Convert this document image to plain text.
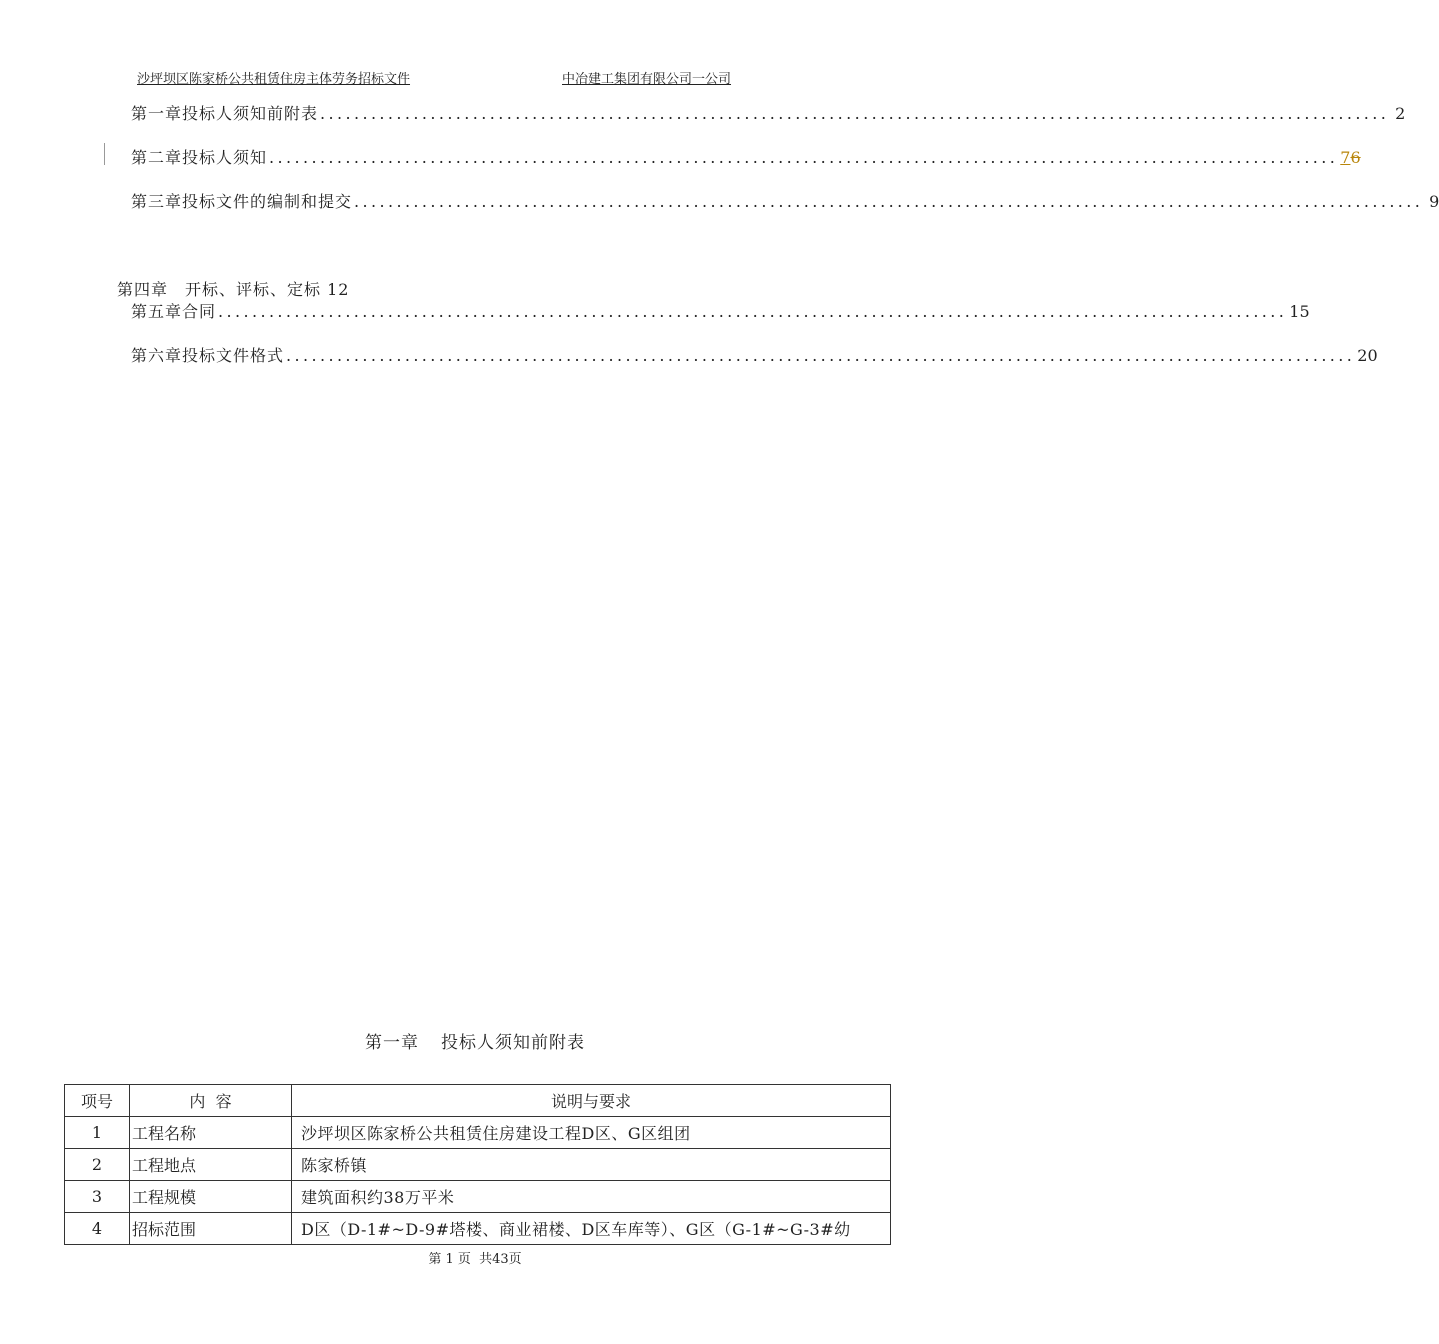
沙坪坝区陈家桥公共租赁住房主体劳务招标文件	中冶建工集团有限公司一公司
第一章 投标人须知前附表 .............................................................................................................................. 2
第二章 投标人须知 .............................................................................................................................. 76
第三章 投标文件的编制和提交 .............................................................................................................................. 9
第四章　开标、评标、定标 12
第五章 合同 .............................................................................................................................. 15
第六章 投标文件格式 .............................................................................................................................. 20
第一章 投标人须知前附表
项号	内  容	说明与要求
1	工程名称	沙坪坝区陈家桥公共租赁住房建设工程D区、G区组团
2	工程地点	陈家桥镇
3	工程规模	建筑面积约38万平米
4	招标范围	D区（D-1#~D-9#塔楼、商业裙楼、D区车库等）、G区（G-1#~G-3#幼
第 1 页  共43页
